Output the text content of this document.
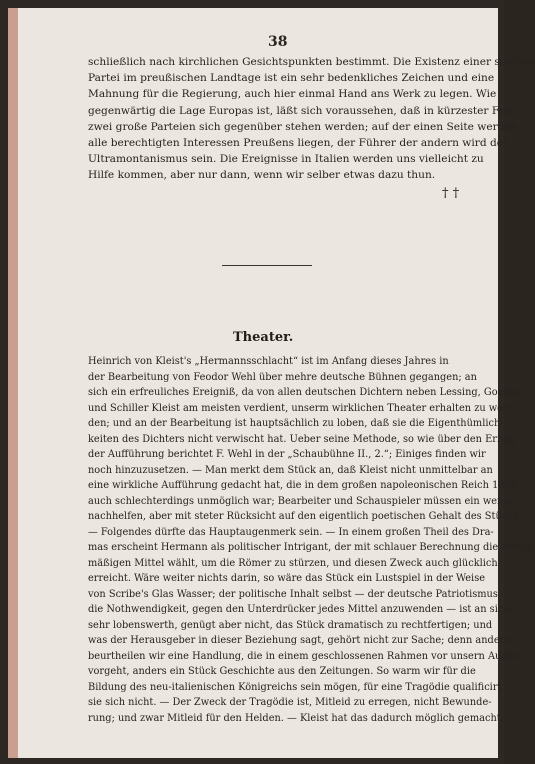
38
schließlich nach kirchlichen Gesichtspunkten bestimmt. Die Existenz einer solchen
Partei im preußischen Landtage ist ein sehr bedenkliches Zeichen und eine
Mahnung für die Regierung, auch hier einmal Hand ans Werk zu legen. Wie
gegenwärtig die Lage Europas ist, läßt sich voraussehen, daß in kürzester Frist
zwei große Parteien sich gegenüber stehen werden; auf der einen Seite werden
alle berechtigten Interessen Preußens liegen, der Führer der andern wird der
Ultramontanismus sein. Die Ereignisse in Italien werden uns vielleicht zu
Hilfe kommen, aber nur dann, wenn wir selber etwas dazu thun.
† †
Theater.
Heinrich von Kleist's „Hermannsschlacht“ ist im Anfang dieses Jahres in
der Bearbeitung von Feodor Wehl über mehre deutsche Bühnen gegangen; an
sich ein erfreuliches Ereigniß, da von allen deutschen Dichtern neben Lessing, Goethe
und Schiller Kleist am meisten verdient, unserm wirklichen Theater erhalten zu wer-
den; und an der Bearbeitung ist hauptsächlich zu loben, daß sie die Eigenthümlich-
keiten des Dichters nicht verwischt hat. Ueber seine Methode, so wie über den Erfolg
der Aufführung berichtet F. Wehl in der „Schaubühne II., 2.“; Einiges finden wir
noch hinzuzusetzen. — Man merkt dem Stück an, daß Kleist nicht unmittelbar an
eine wirkliche Aufführung gedacht hat, die in dem großen napoleonischen Reich 1809
auch schlechterdings unmöglich war; Bearbeiter und Schauspieler müssen ein wenig
nachhelfen, aber mit steter Rücksicht auf den eigentlich poetischen Gehalt des Stücks.
— Folgendes dürfte das Hauptaugenmerk sein. — In einem großen Theil des Dra-
mas erscheint Hermann als politischer Intrigant, der mit schlauer Berechnung die zweck-
mäßigen Mittel wählt, um die Römer zu stürzen, und diesen Zweck auch glücklich
erreicht. Wäre weiter nichts darin, so wäre das Stück ein Lustspiel in der Weise
von Scribe's Glas Wasser; der politische Inhalt selbst — der deutsche Patriotismus,
die Nothwendigkeit, gegen den Unterdrücker jedes Mittel anzuwenden — ist an sich
sehr lobenswerth, genügt aber nicht, das Stück dramatisch zu rechtfertigen; und
was der Herausgeber in dieser Beziehung sagt, gehört nicht zur Sache; denn anders
beurtheilen wir eine Handlung, die in einem geschlossenen Rahmen vor unsern Augen
vorgeht, anders ein Stück Geschichte aus den Zeitungen. So warm wir für die
Bildung des neu-italienischen Königreichs sein mögen, für eine Tragödie qualificirt
sie sich nicht. — Der Zweck der Tragödie ist, Mitleid zu erregen, nicht Bewunde-
rung; und zwar Mitleid für den Helden. — Kleist hat das dadurch möglich gemacht,
